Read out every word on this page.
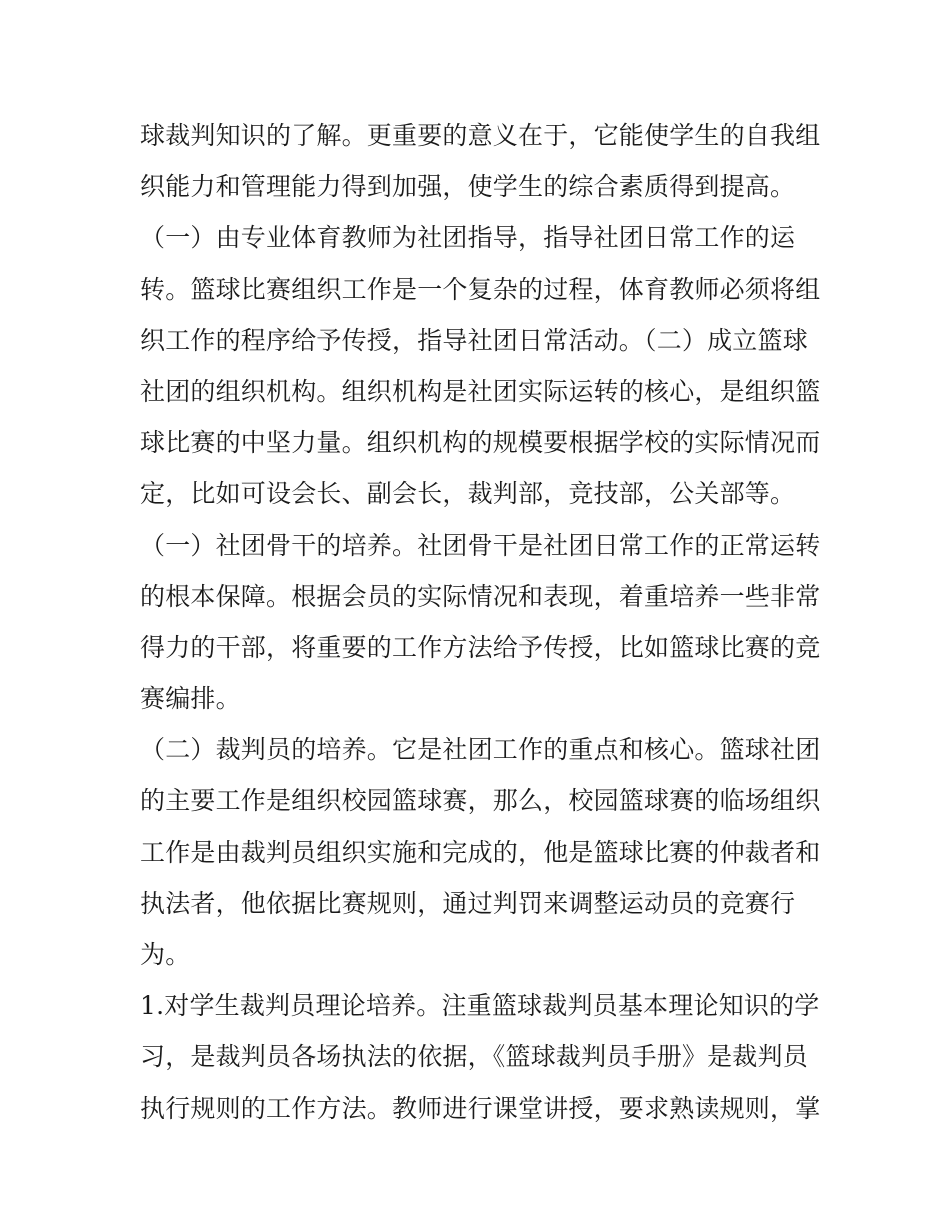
球裁判知识的了解。更重要的意义在于，它能使学生的自我组
织能力和管理能力得到加强，使学生的综合素质得到提高。
（一）由专业体育教师为社团指导，指导社团日常工作的运
转。篮球比赛组织工作是一个复杂的过程，体育教师必须将组
织工作的程序给予传授，指导社团日常活动。（二）成立篮球
社团的组织机构。组织机构是社团实际运转的核心，是组织篮
球比赛的中坚力量。组织机构的规模要根据学校的实际情况而
定，比如可设会长、副会长，裁判部，竞技部，公关部等。
（一）社团骨干的培养。社团骨干是社团日常工作的正常运转
的根本保障。根据会员的实际情况和表现，着重培养一些非常
得力的干部，将重要的工作方法给予传授，比如篮球比赛的竞
赛编排。
（二）裁判员的培养。它是社团工作的重点和核心。篮球社团
的主要工作是组织校园篮球赛，那么，校园篮球赛的临场组织
工作是由裁判员组织实施和完成的，他是篮球比赛的仲裁者和
执法者，他依据比赛规则，通过判罚来调整运动员的竞赛行
为。
1.对学生裁判员理论培养。注重篮球裁判员基本理论知识的学
习，是裁判员各场执法的依据，《篮球裁判员手册》是裁判员
执行规则的工作方法。教师进行课堂讲授，要求熟读规则，掌
